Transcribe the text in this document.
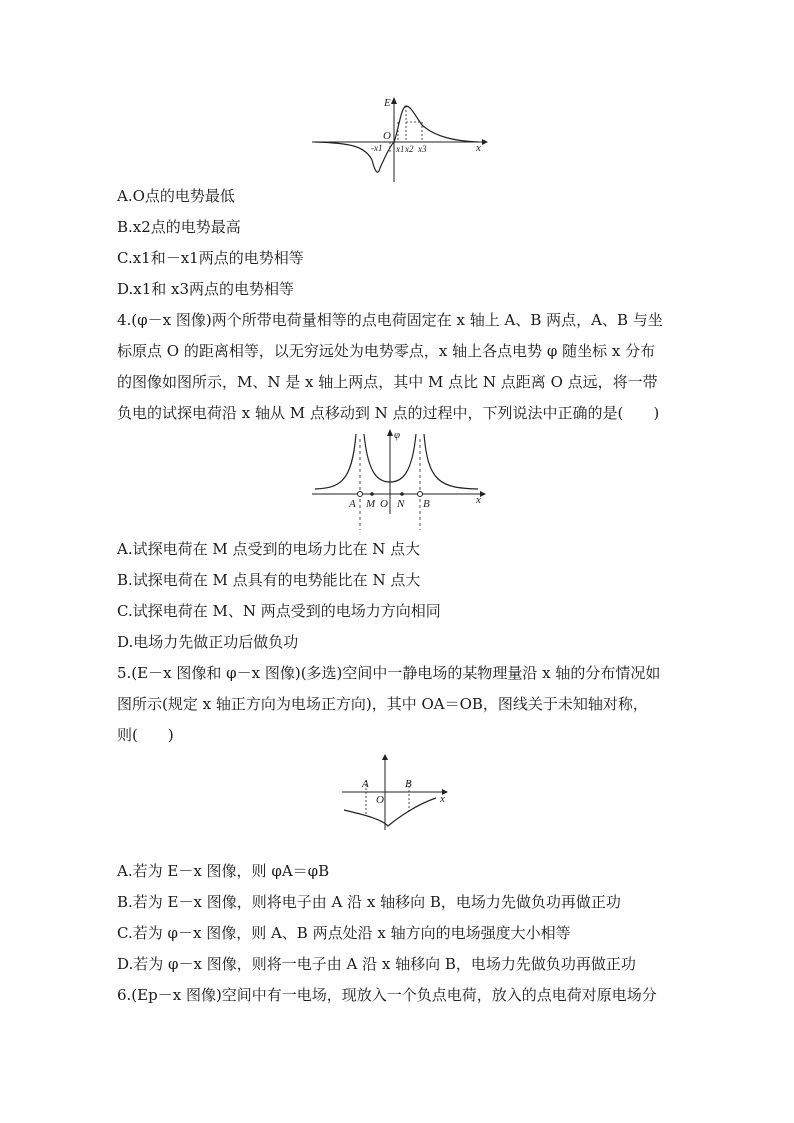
E
O
x
-x1 x1 x2 x3
A.O点的电势最低
B.x2点的电势最高
C.x1和－x1两点的电势相等
D.x1和 x3两点的电势相等
4.(φ－x 图像)两个所带电荷量相等的点电荷固定在 x 轴上 A、B 两点，A、B 与坐
标原点 O 的距离相等，以无穷远处为电势零点，x 轴上各点电势 φ 随坐标 x 分布
的图像如图所示，M、N 是 x 轴上两点，其中 M 点比 N 点距离 O 点远，将一带
负电的试探电荷沿 x 轴从 M 点移动到 N 点的过程中，下列说法中正确的是(　　)
φ
x
A M O N B
A.试探电荷在 M 点受到的电场力比在 N 点大
B.试探电荷在 M 点具有的电势能比在 N 点大
C.试探电荷在 M、N 两点受到的电场力方向相同
D.电场力先做正功后做负功
5.(E－x 图像和 φ－x 图像)(多选)空间中一静电场的某物理量沿 x 轴的分布情况如
图所示(规定 x 轴正方向为电场正方向)，其中 OA＝OB，图线关于未知轴对称，
则(　　)
A	B
O	x
A.若为 E－x 图像，则 φA＝φB
B.若为 E－x 图像，则将电子由 A 沿 x 轴移向 B，电场力先做负功再做正功
C.若为 φ－x 图像，则 A、B 两点处沿 x 轴方向的电场强度大小相等
D.若为 φ－x 图像，则将一电子由 A 沿 x 轴移向 B，电场力先做负功再做正功
6.(Ep－x 图像)空间中有一电场，现放入一个负点电荷，放入的点电荷对原电场分
